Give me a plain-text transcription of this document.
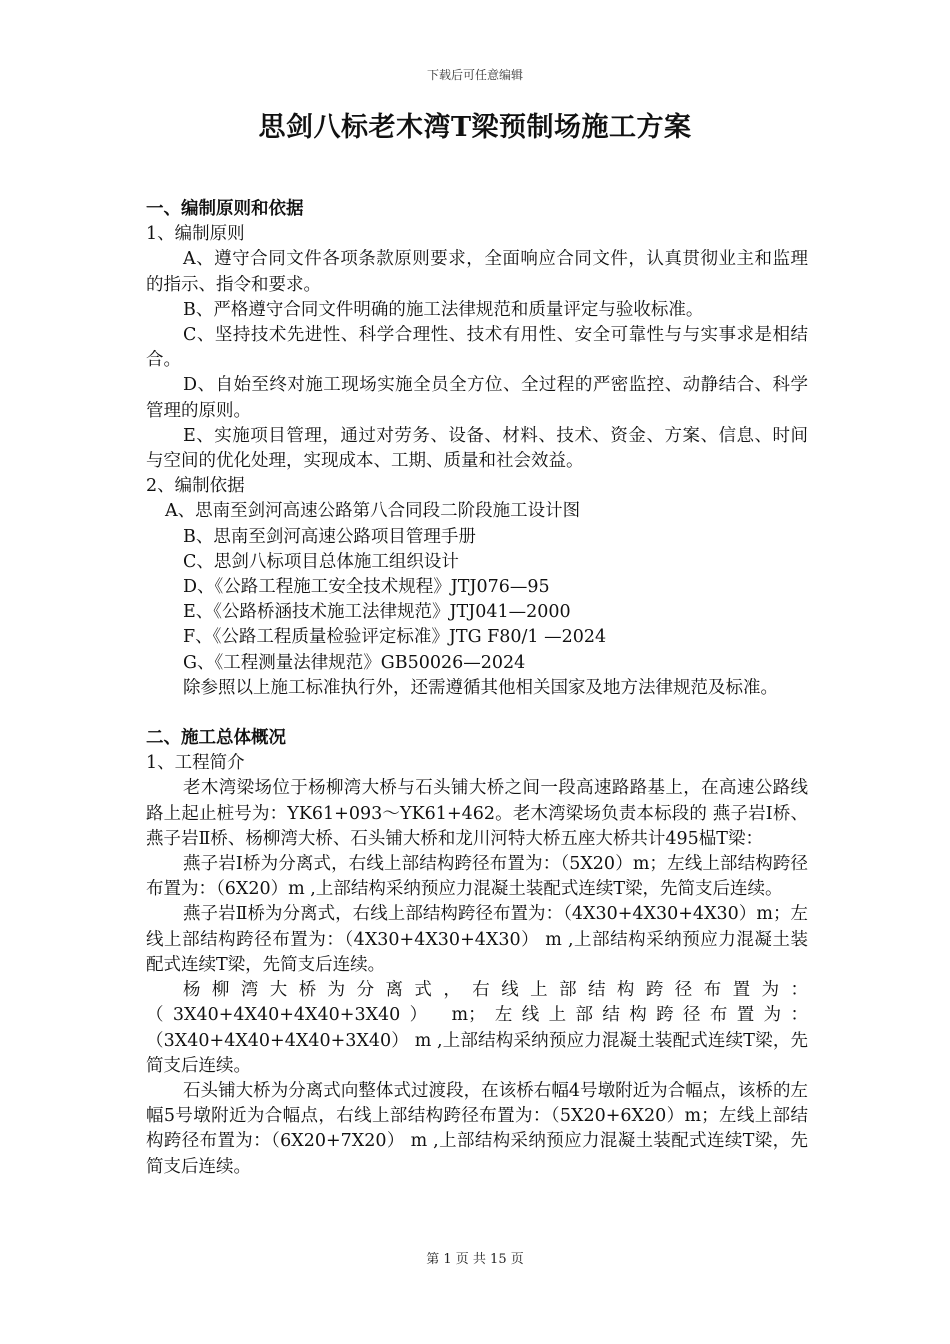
下载后可任意编辑
思剑八标老木湾T梁预制场施工方案

一、编制原则和依据

1、编制原则

A、遵守合同文件各项条款原则要求，全面响应合同文件，认真贯彻业主和监理的指示、指令和要求。

B、严格遵守合同文件明确的施工法律规范和质量评定与验收标准。

C、坚持技术先进性、科学合理性、技术有用性、安全可靠性与与实事求是相结合。

D、自始至终对施工现场实施全员全方位、全过程的严密监控、动静结合、科学管理的原则。

E、实施项目管理，通过对劳务、设备、材料、技术、资金、方案、信息、时间与空间的优化处理，实现成本、工期、质量和社会效益。

2、编制依据

A、思南至剑河高速公路第八合同段二阶段施工设计图

B、思南至剑河高速公路项目管理手册

C、思剑八标项目总体施工组织设计

D、《公路工程施工安全技术规程》JTJ076—95

E、《公路桥涵技术施工法律规范》JTJ041—2000

F、《公路工程质量检验评定标准》JTG F80/1 —2024

G、《工程测量法律规范》GB50026—2024

除参照以上施工标准执行外，还需遵循其他相关国家及地方法律规范及标准。

二、施工总体概况

1、工程简介

老木湾梁场位于杨柳湾大桥与石头铺大桥之间一段高速路路基上，在高速公路线路上起止桩号为：YK61+093～YK61+462。老木湾梁场负责本标段的 燕子岩Ⅰ桥、燕子岩Ⅱ桥、杨柳湾大桥、石头铺大桥和龙川河特大桥五座大桥共计495榀T梁：

燕子岩Ⅰ桥为分离式，右线上部结构跨径布置为：（5X20）m；左线上部结构跨径布置为：（6X20）m ,上部结构采纳预应力混凝土装配式连续T梁，先简支后连续。

燕子岩Ⅱ桥为分离式，右线上部结构跨径布置为：（4X30+4X30+4X30）m；左线上部结构跨径布置为：（4X30+4X30+4X30） m ,上部结构采纳预应力混凝土装配式连续T梁，先简支后连续。

杨柳湾大桥为分离式，右线上部结构跨径布置为：（3X40+4X40+4X40+3X40） m；左线上部结构跨径布置为：（3X40+4X40+4X40+3X40） m ,上部结构采纳预应力混凝土装配式连续T梁，先简支后连续。

石头铺大桥为分离式向整体式过渡段，在该桥右幅4号墩附近为合幅点，该桥的左幅5号墩附近为合幅点，右线上部结构跨径布置为：（5X20+6X20）m；左线上部结构跨径布置为：（6X20+7X20） m ,上部结构采纳预应力混凝土装配式连续T梁，先简支后连续。

第 1 页 共 15 页
